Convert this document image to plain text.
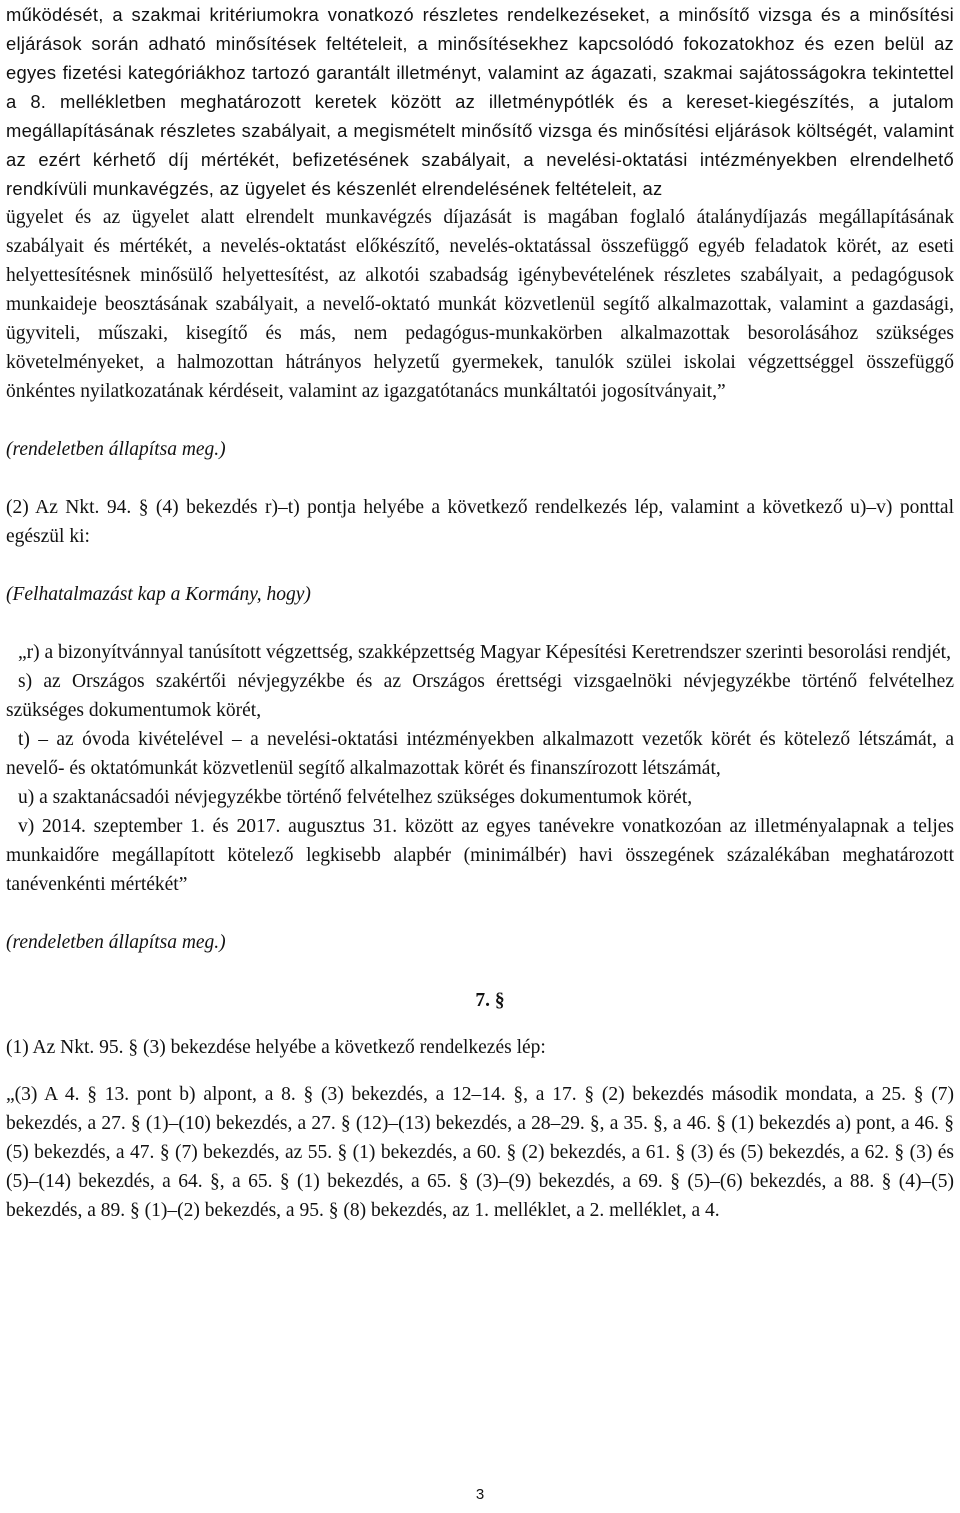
működését, a szakmai kritériumokra vonatkozó részletes rendelkezéseket, a minősítő vizsga és a minősítési eljárások során adható minősítések feltételeit, a minősítésekhez kapcsolódó fokozatokhoz és ezen belül az egyes fizetési kategóriákhoz tartozó garantált illetményt, valamint az ágazati, szakmai sajátosságokra tekintettel a 8. mellékletben meghatározott keretek között az illetménypótlék és a kereset-kiegészítés, a jutalom megállapításának részletes szabályait, a megismételt minősítő vizsga és minősítési eljárások költségét, valamint az ezért kérhető díj mértékét, befizetésének szabályait, a nevelési-oktatási intézményekben elrendelhető rendkívüli munkavégzés, az ügyelet és készenlét elrendelésének feltételeit, az

ügyelet és az ügyelet alatt elrendelt munkavégzés díjazását is magában foglaló átalánydíjazás megállapításának szabályait és mértékét, a nevelés-oktatást előkészítő, nevelés-oktatással összefüggő egyéb feladatok körét, az eseti helyettesítésnek minősülő helyettesítést, az alkotói szabadság igénybevételének részletes szabályait, a pedagógusok munkaideje beosztásának szabályait, a nevelő-oktató munkát közvetlenül segítő alkalmazottak, valamint a gazdasági, ügyviteli, műszaki, kisegítő és más, nem pedagógus-munkakörben alkalmazottak besorolásához szükséges követelményeket, a halmozottan hátrányos helyzetű gyermekek, tanulók szülei iskolai végzettséggel összefüggő önkéntes nyilatkozatának kérdéseit, valamint az igazgatótanács munkáltatói jogosítványait,”

(rendeletben állapítsa meg.)

(2) Az Nkt. 94. § (4) bekezdés r)–t) pontja helyébe a következő rendelkezés lép, valamint a következő u)–v) ponttal egészül ki:

(Felhatalmazást kap a Kormány, hogy)

„r) a bizonyítvánnyal tanúsított végzettség, szakképzettség Magyar Képesítési Keretrendszer szerinti besorolási rendjét,

s) az Országos szakértői névjegyzékbe és az Országos érettségi vizsgaelnöki névjegyzékbe történő felvételhez szükséges dokumentumok körét,

t) – az óvoda kivételével – a nevelési-oktatási intézményekben alkalmazott vezetők körét és kötelező létszámát, a nevelő- és oktatómunkát közvetlenül segítő alkalmazottak körét és finanszírozott létszámát,

u) a szaktanácsadói névjegyzékbe történő felvételhez szükséges dokumentumok körét,

v) 2014. szeptember 1. és 2017. augusztus 31. között az egyes tanévekre vonatkozóan az illetményalapnak a teljes munkaidőre megállapított kötelező legkisebb alapbér (minimálbér) havi összegének százalékában meghatározott tanévenkénti mértékét”

(rendeletben állapítsa meg.)

7. §

(1) Az Nkt. 95. § (3) bekezdése helyébe a következő rendelkezés lép:

„(3) A 4. § 13. pont b) alpont, a 8. § (3) bekezdés, a 12–14. §, a 17. § (2) bekezdés második mondata, a 25. § (7) bekezdés, a 27. § (1)–(10) bekezdés, a 27. § (12)–(13) bekezdés, a 28–29. §, a 35. §, a 46. § (1) bekezdés a) pont, a 46. § (5) bekezdés, a 47. § (7) bekezdés, az 55. § (1) bekezdés, a 60. § (2) bekezdés, a 61. § (3) és (5) bekezdés, a 62. § (3) és (5)–(14) bekezdés, a 64. §, a 65. § (1) bekezdés, a 65. § (3)–(9) bekezdés, a 69. § (5)–(6) bekezdés, a 88. § (4)–(5) bekezdés, a 89. § (1)–(2) bekezdés, a 95. § (8) bekezdés, az 1. melléklet, a 2. melléklet, a 4.

3
